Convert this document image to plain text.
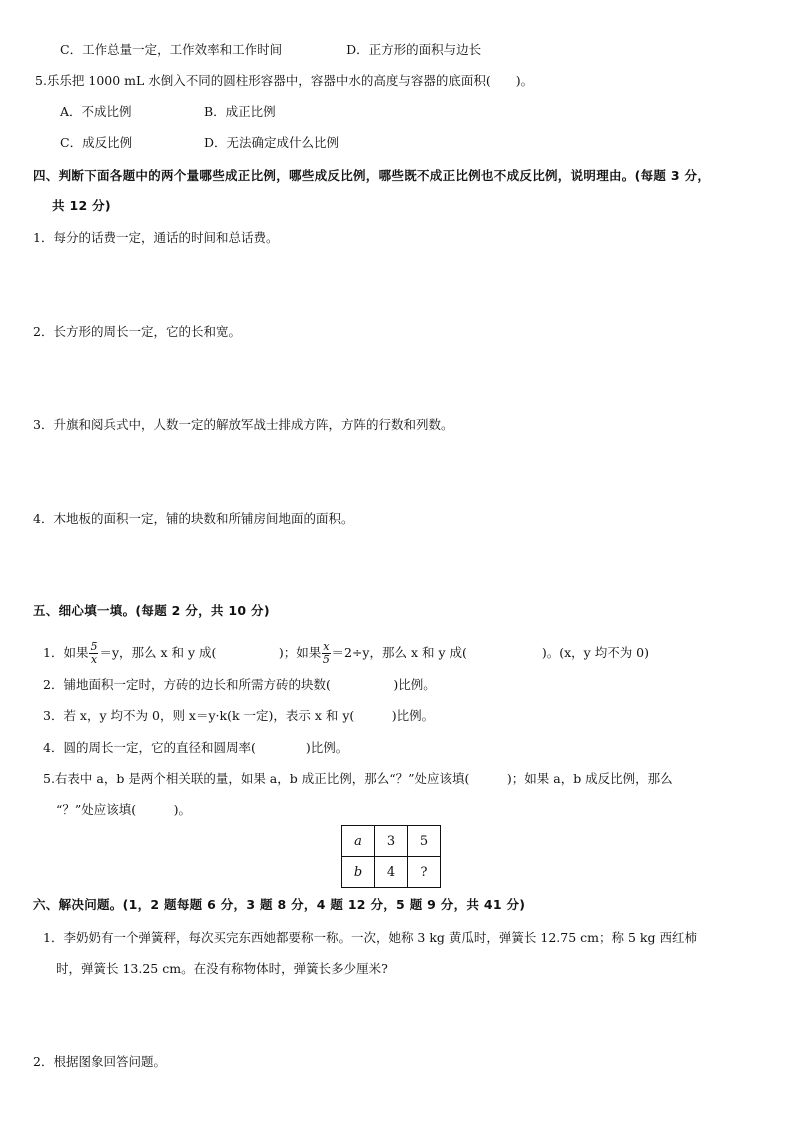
C．工作总量一定，工作效率和工作时间	D．正方形的面积与边长
5.乐乐把 1000 mL 水倒入不同的圆柱形容器中，容器中水的高度与容器的底面积(　　)。
A．不成比例	B．成正比例
C．成反比例	D．无法确定成什么比例
四、判断下面各题中的两个量哪些成正比例，哪些成反比例，哪些既不成正比例也不成反比例，说明理由。(每题 3 分，
共 12 分)
1．每分的话费一定，通话的时间和总话费。
2．长方形的周长一定，它的长和宽。
3．升旗和阅兵式中，人数一定的解放军战士排成方阵，方阵的行数和列数。
4．木地板的面积一定，铺的块数和所铺房间地面的面积。
五、细心填一填。(每题 2 分，共 10 分)
1．如果 $\frac{5}{x} =y$，那么 x 和 y 成(　　　　　)；如果 $\frac{x}{5} =2\div y$，那么 x 和 y 成(　　　　　　)。(x，y 均不为 0)
2．铺地面积一定时，方砖的边长和所需方砖的块数(　　　　　)比例。
3．若 x，y 均不为 0，则 x＝y·k(k 一定)，表示 x 和 y(　　　)比例。
4．圆的周长一定，它的直径和圆周率(　　　　)比例。
5.右表中 a，b 是两个相关联的量，如果 a，b 成正比例，那么“？”处应该填(　　　)；如果 a，b 成反比例，那么
“？”处应该填(　　　)。
a	3	5
b	4	?
六、解决问题。(1，2 题每题 6 分，3 题 8 分，4 题 12 分，5 题 9 分，共 41 分)
1．李奶奶有一个弹簧秤，每次买完东西她都要称一称。一次，她称 3 kg 黄瓜时，弹簧长 12.75 cm；称 5 kg 西红柿
时，弹簧长 13.25 cm。在没有称物体时，弹簧长多少厘米?
2．根据图象回答问题。
